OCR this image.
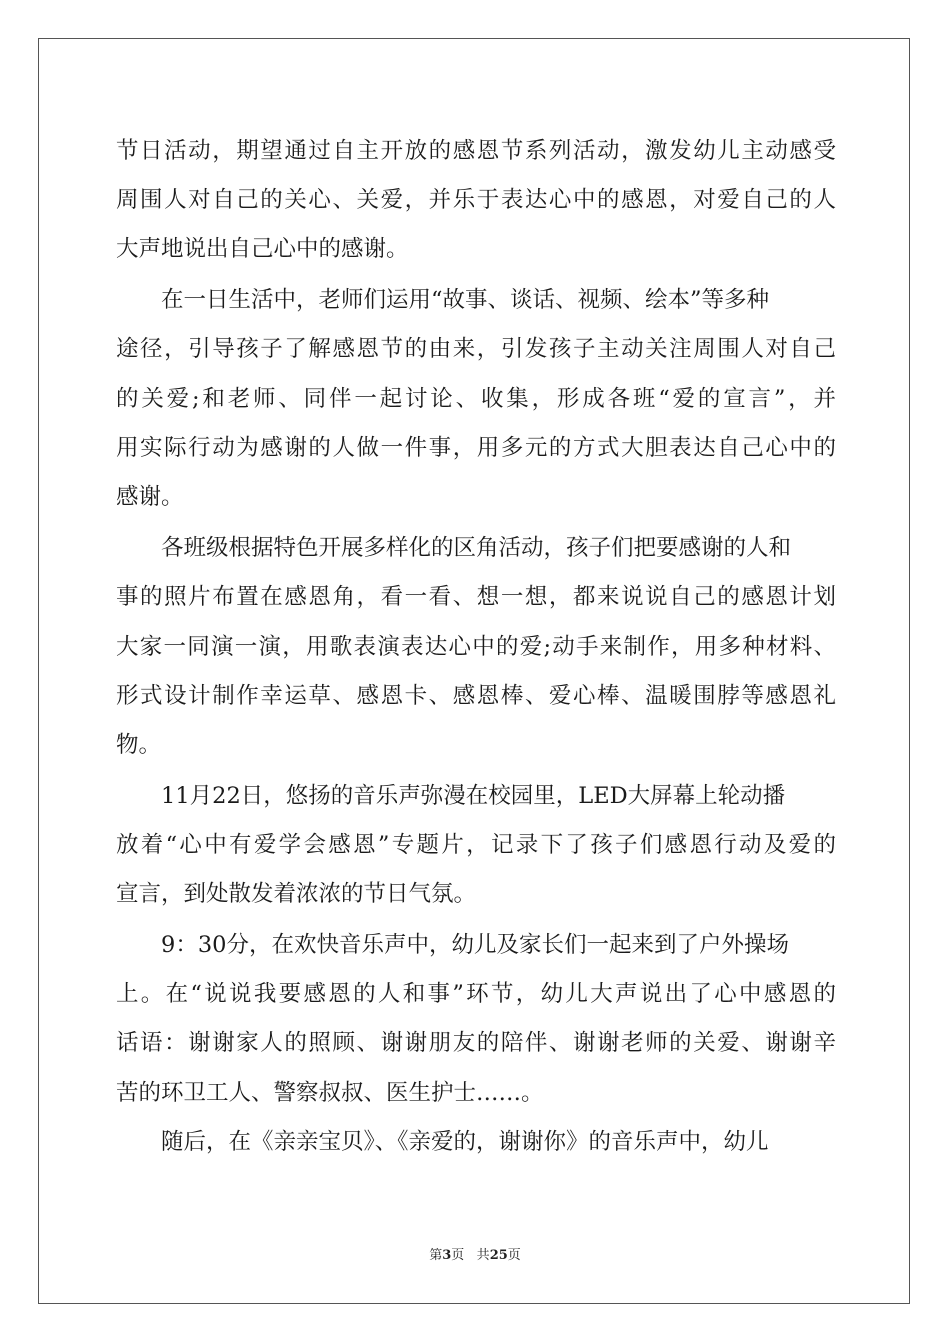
节日活动，期望通过自主开放的感恩节系列活动，激发幼儿主动感受
周围人对自己的关心、关爱，并乐于表达心中的感恩，对爱自己的人
大声地说出自己心中的感谢。
　　在一日生活中，老师们运用“故事、谈话、视频、绘本”等多种
途径，引导孩子了解感恩节的由来，引发孩子主动关注周围人对自己
的关爱;和老师、同伴一起讨论、收集，形成各班“爱的宣言”，并
用实际行动为感谢的人做一件事，用多元的方式大胆表达自己心中的
感谢。
　　各班级根据特色开展多样化的区角活动，孩子们把要感谢的人和
事的照片布置在感恩角，看一看、想一想，都来说说自己的感恩计划
大家一同演一演，用歌表演表达心中的爱;动手来制作，用多种材料、
形式设计制作幸运草、感恩卡、感恩棒、爱心棒、温暖围脖等感恩礼
物。
　　11月22日，悠扬的音乐声弥漫在校园里，LED大屏幕上轮动播
放着“心中有爱学会感恩”专题片，记录下了孩子们感恩行动及爱的
宣言，到处散发着浓浓的节日气氛。
　　9：30分，在欢快音乐声中，幼儿及家长们一起来到了户外操场
上。在“说说我要感恩的人和事”环节，幼儿大声说出了心中感恩的
话语：谢谢家人的照顾、谢谢朋友的陪伴、谢谢老师的关爱、谢谢辛
苦的环卫工人、警察叔叔、医生护士……。
　　随后，在《亲亲宝贝》、《亲爱的，谢谢你》的音乐声中，幼儿
第3页 共25页
